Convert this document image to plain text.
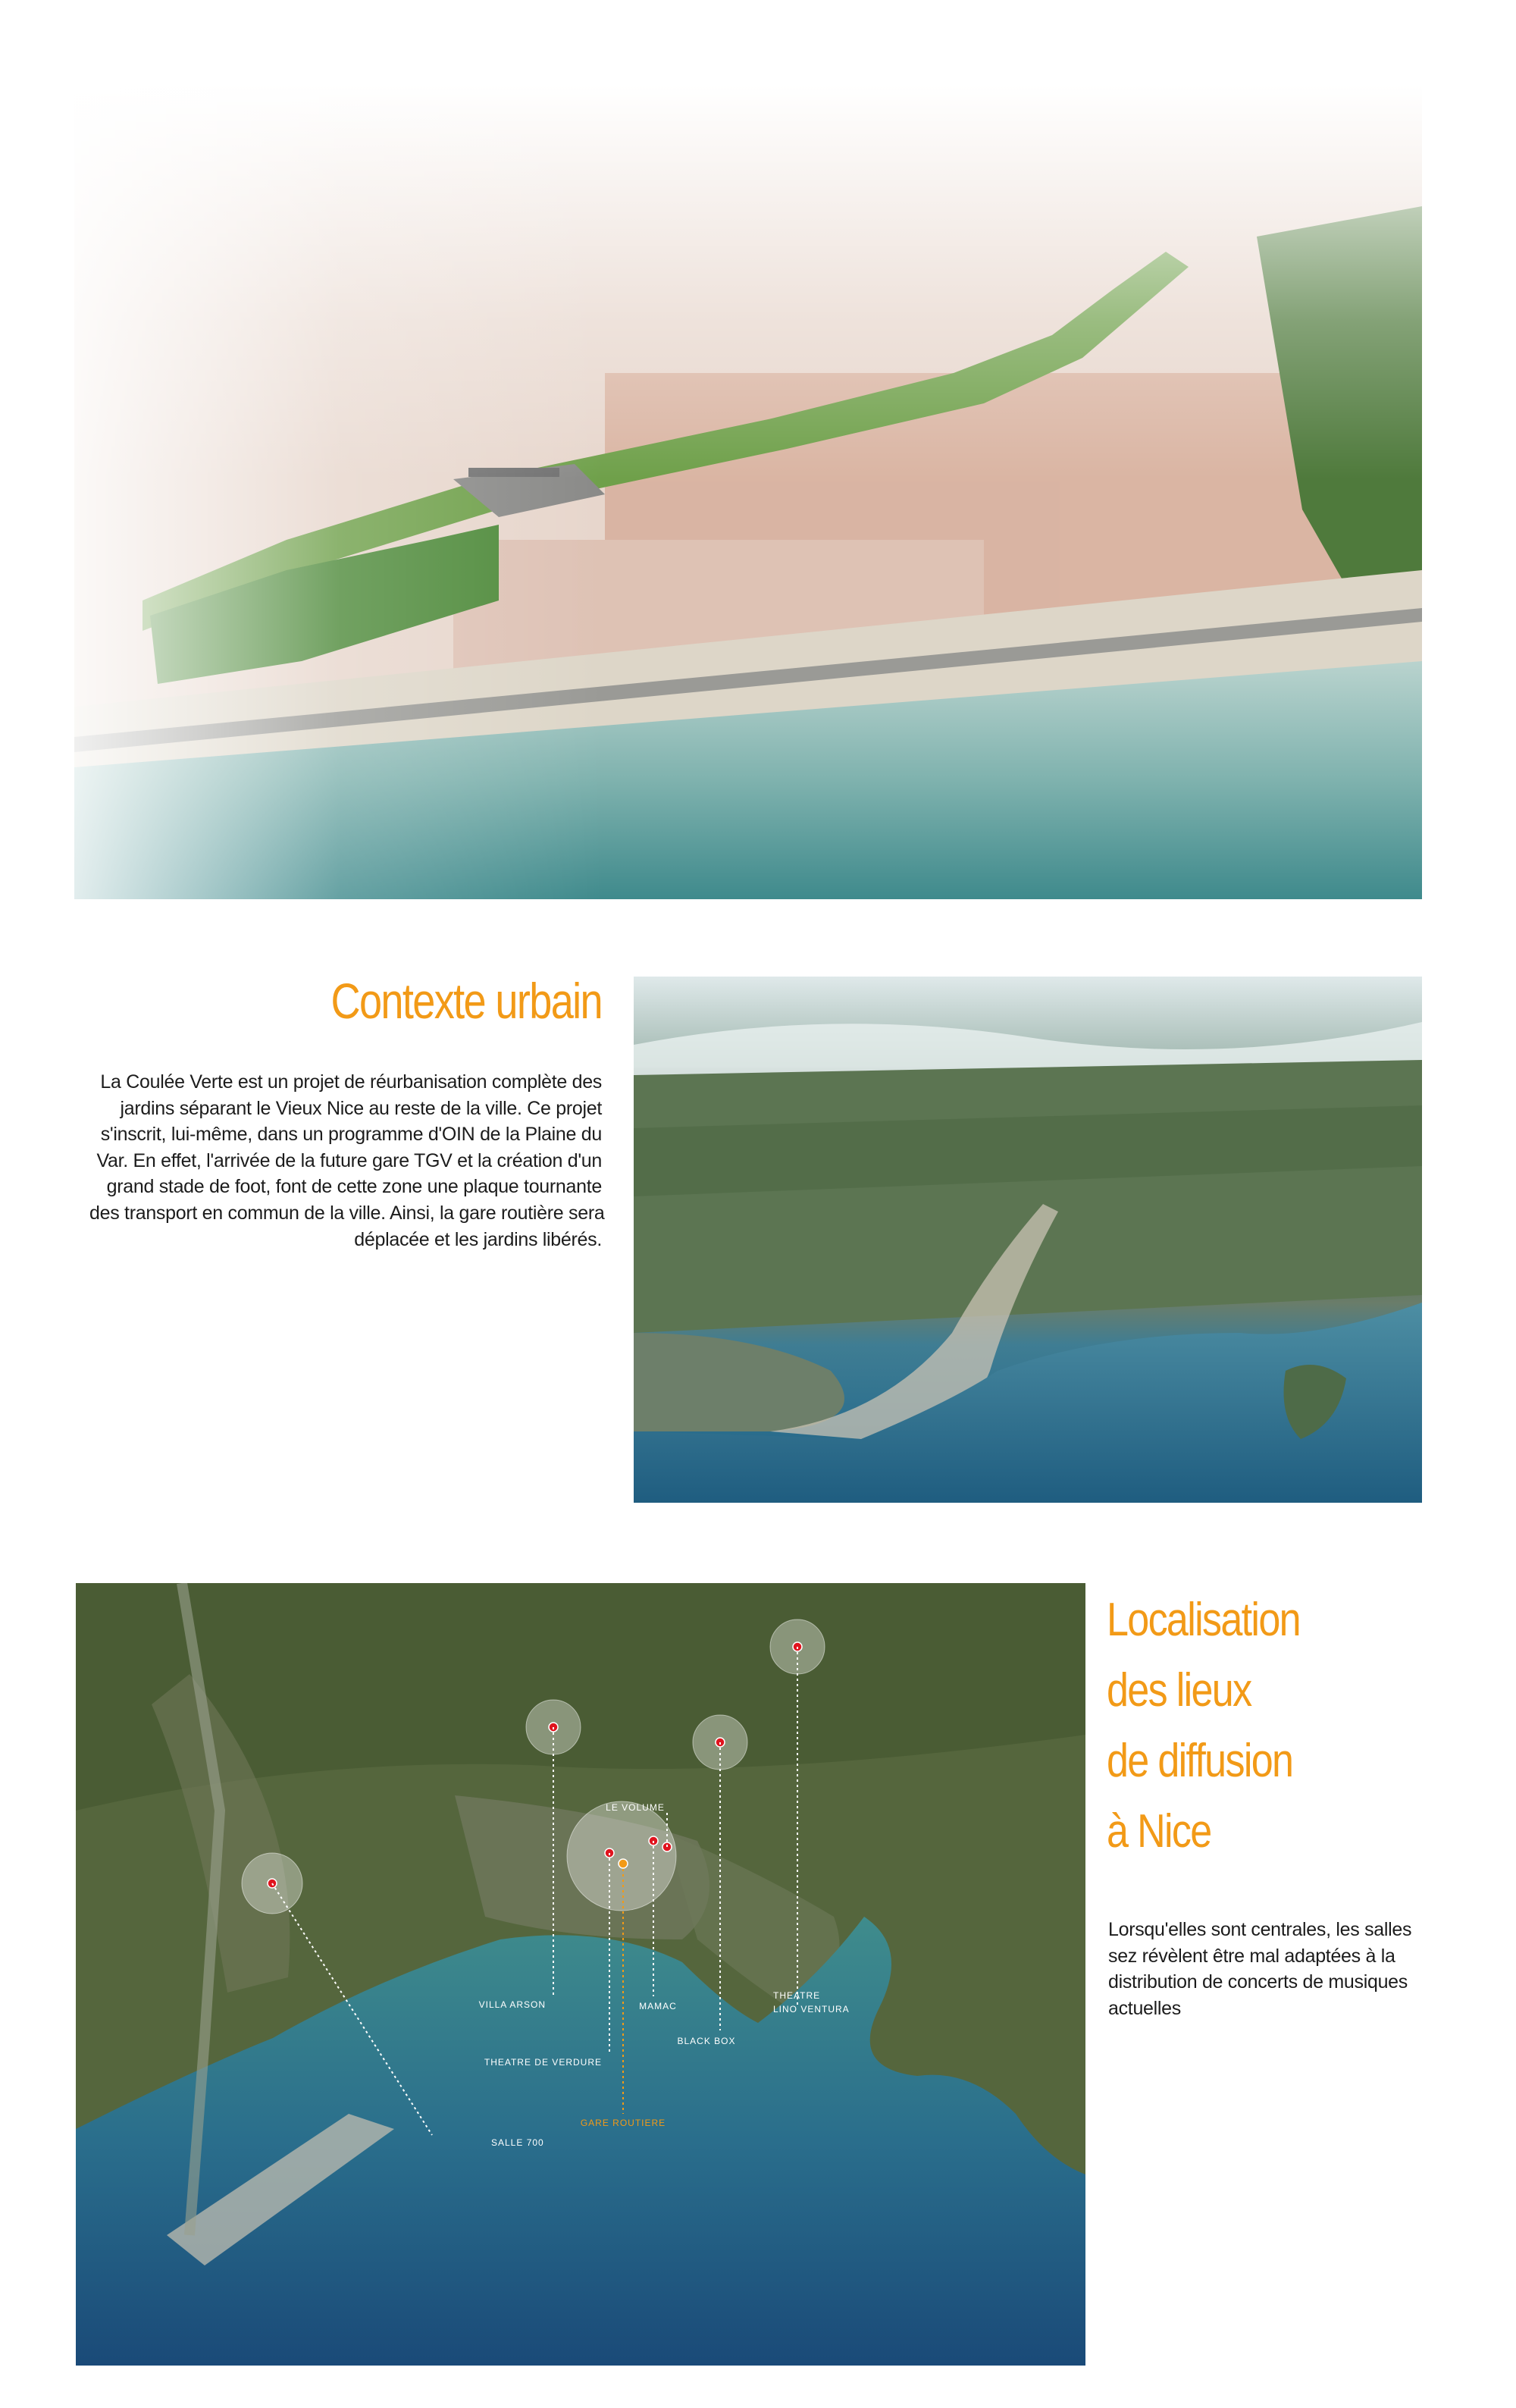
Contexte urbain
La Coulée Verte est un projet de réurbanisation complète des
jardins séparant le Vieux Nice au reste de la ville. Ce projet
s'inscrit, lui-même, dans un programme d'OIN de la Plaine du
Var. En effet, l'arrivée de la future gare TGV et la création d'un
grand stade de foot, font de cette zone une plaque tournante
des transport en commun de la ville. Ainsi, la gare routière sera
déplacée et les jardins libérés.
LE VOLUME
VILLA ARSON	MAMAC
THEATRE
LINO VENTURA
BLACK BOX
THEATRE DE VERDURE
GARE ROUTIERE
SALLE 700
Localisation
des lieux
de diffusion
à Nice
Lorsqu'elles sont centrales, les salles
sez révèlent être mal adaptées à la
distribution de concerts de musiques
actuelles
